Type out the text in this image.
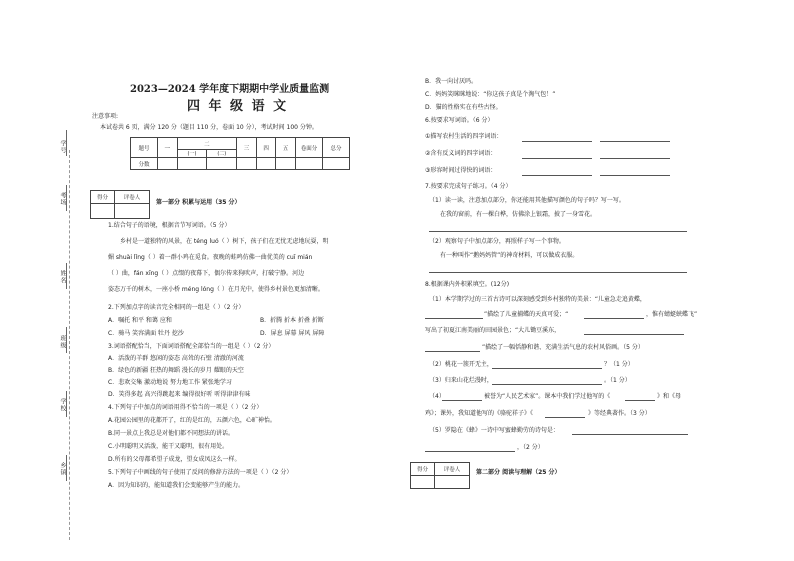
学号
考场
姓名
班级
学校
乡镇
2023—2024 学年度下期期中学业质量监测
四 年 级 语 文
注意事项:
本试卷共 6 页，满分 120 分（题目 110 分，卷面 10 分），考试时间 100 分钟。
题号	一	二		三	四	五	卷面分	总分
		(一)	(二)					
分数								
得分	评卷人

第一部分 积累与运用（35 分）
1.结合句子的语境，根据音节写词语。（5 分）
乡村是一道独特的风景，在 téng luó（ ）树下，孩子们在无忧无虑地玩耍，明
媚 shuài lǐng（ ）着一群小鸡在觅食。夜晚的蛙鸣仿佛一曲优美的 cuī mián
（ ）曲，fán xīng（ ）点缀的夜幕下，偶尔传来狗吠声，打破宁静。河边
姿态万千的树木，一座小桥 méng lóng（ ）在月光中，使得乡村景色更加清晰。
2.下列加点字的读音完全相同的一组是（ ）（2 分）
A．嘱托 和平 和蔼 应和	B．折腾 折本 折叠 折断
C．骑马 笑容满面 牡丹 挖沙	D．屏息 屏幕 屏风 屏障
3.词语搭配恰当，下面词语搭配全部恰当的一组是（ ）（2 分）
A．活泼的羊群 悠闲的姿态 高耸的石壁 清澈的河流
B．绿色的新疆 狂热的舞蹈 漫长的岁月 耀眼的天空
C．悲欢交集 激动地说 努力地工作 紧张地学习
D．笑得多起 高兴得跳起来 编得很好听 听得津津有味
4.下列句子中加点的词语用得不恰当的一项是（ ）（2 分）
A.花园公园里的花都开了，红的是红的，五颜六色，心旷神怡。
B.同一景点上我总是对他们都不同想法的讲话。
C.小明聪明又活泼，能干又聪明，很有用处。
D.所有的父母都希望子成龙，望女成凤这么一样。
5.下列句子中画线的句子使用了反问的修辞方法的一项是（ ）（2 分）
A．因为知识的，能知道我们会变能够产生的能力。
B．我一向讨厌吗。
C．妈妈笑眯眯地说：“你这孩子真是个淘气包！”
D．猫的性格实在有些古怪。
6.按要求写词语。（6 分）
①描写农村生活的四字词语：
②含有反义词的四字词语：
③形容时间过得快的词语：
7.按要求完成句子练习。（4 分）
（1）读一读，注意加点部分，你还能用其他描写颜色的句子吗？写一写。
在我的窗前，有一棵白桦，仿佛涂上银霜，披了一身雪花。
（2）观察句子中加点部分，再照样子写一个事物。
有一种叫作“鹅妈妈管”的神奇材料，可以做成衣服。
8.根据课内外积累填空。(12分)
（1）本学期学过的三首古诗可以深刻感受到乡村独特的美景：“儿童急走追黄蝶，
”描绘了儿童捕蝶的天真可爱；“	，惟有蜻蜓蛱蝶飞”
写出了初夏江南美丽的田园景色；“大儿锄豆溪东，
”描绘了一幅恬静和谐、充满生活气息的农村风俗画。（5 分）
（2）桃花一簇开无主，	？（1 分）
（3）归来山花烂漫时，	。（1 分）
（4）	被誉为“人民艺术家”。课本中我们学过他写的《	》和《母
鸡》；课外，我知道他写的《骆驼祥子》《	》等经典著作。（3 分）
（5）罗隐在《蜂》一诗中写蜜蜂勤劳的诗句是：
，（2 分）
得分	评卷人
		第二部分 阅读与理解（25 分）
